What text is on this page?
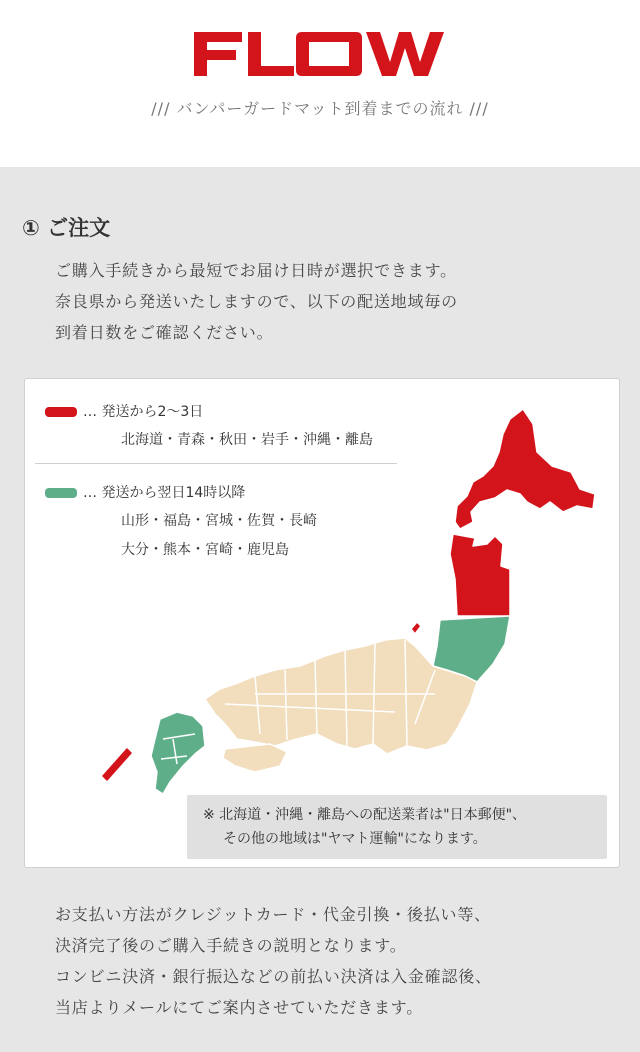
/// バンパーガードマット到着までの流れ ///
① ご注文
ご購入手続きから最短でお届け日時が選択できます。
奈良県から発送いたしますので、以下の配送地域毎の
到着日数をご確認ください。
… 発送から2〜3日
北海道・青森・秋田・岩手・沖縄・離島
… 発送から翌日14時以降
山形・福島・宮城・佐賀・長崎
大分・熊本・宮崎・鹿児島
※ 北海道・沖縄・離島への配送業者は"日本郵便"、
その他の地域は"ヤマト運輸"になります。
お支払い方法がクレジットカード・代金引換・後払い等、
決済完了後のご購入手続きの説明となります。
コンビニ決済・銀行振込などの前払い決済は入金確認後、
当店よりメールにてご案内させていただきます。
